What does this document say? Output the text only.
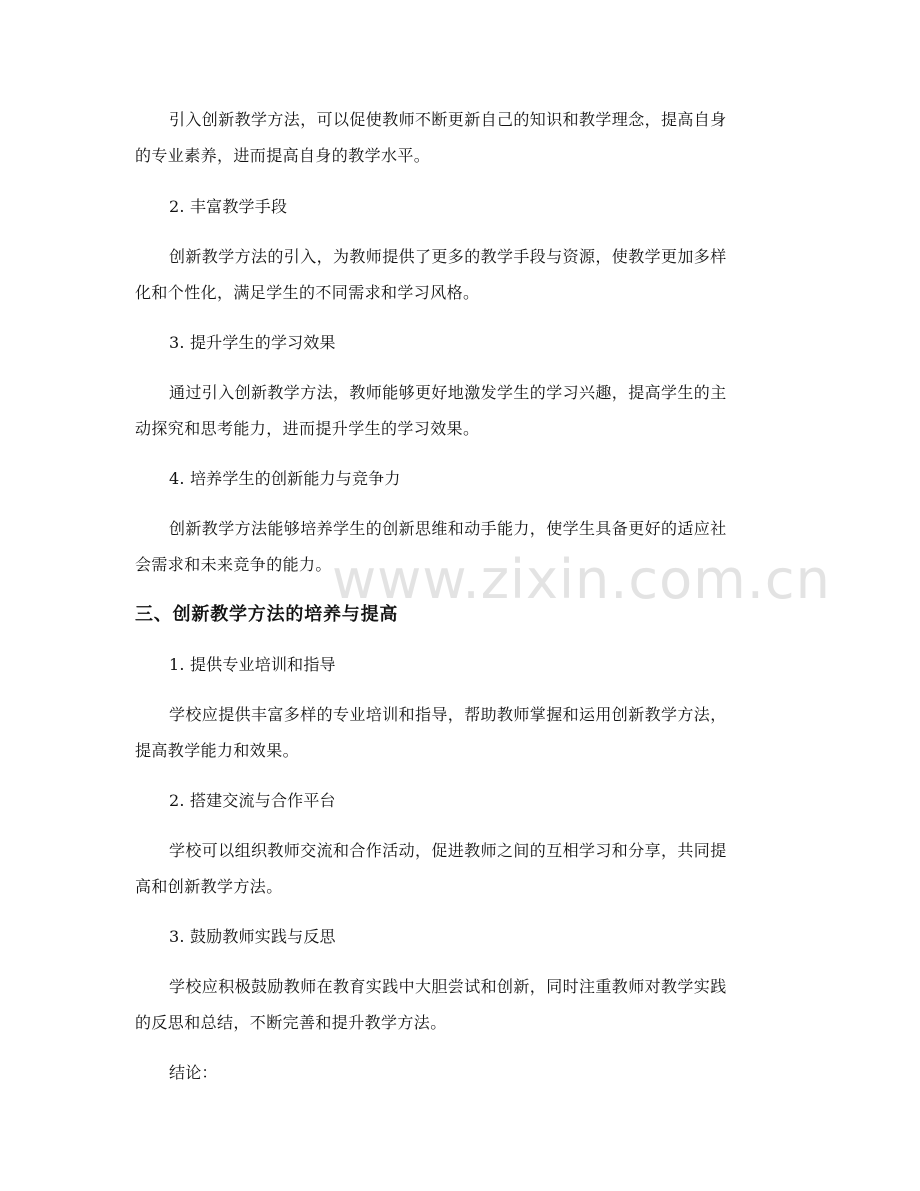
www.zixin.com.cn
引入创新教学方法，可以促使教师不断更新自己的知识和教学理念，提高自身
的专业素养，进而提高自身的教学水平。
2. 丰富教学手段
创新教学方法的引入，为教师提供了更多的教学手段与资源，使教学更加多样
化和个性化，满足学生的不同需求和学习风格。
3. 提升学生的学习效果
通过引入创新教学方法，教师能够更好地激发学生的学习兴趣，提高学生的主
动探究和思考能力，进而提升学生的学习效果。
4. 培养学生的创新能力与竞争力
创新教学方法能够培养学生的创新思维和动手能力，使学生具备更好的适应社
会需求和未来竞争的能力。
三、创新教学方法的培养与提高
1. 提供专业培训和指导
学校应提供丰富多样的专业培训和指导，帮助教师掌握和运用创新教学方法，
提高教学能力和效果。
2. 搭建交流与合作平台
学校可以组织教师交流和合作活动，促进教师之间的互相学习和分享，共同提
高和创新教学方法。
3. 鼓励教师实践与反思
学校应积极鼓励教师在教育实践中大胆尝试和创新，同时注重教师对教学实践
的反思和总结，不断完善和提升教学方法。
结论：
